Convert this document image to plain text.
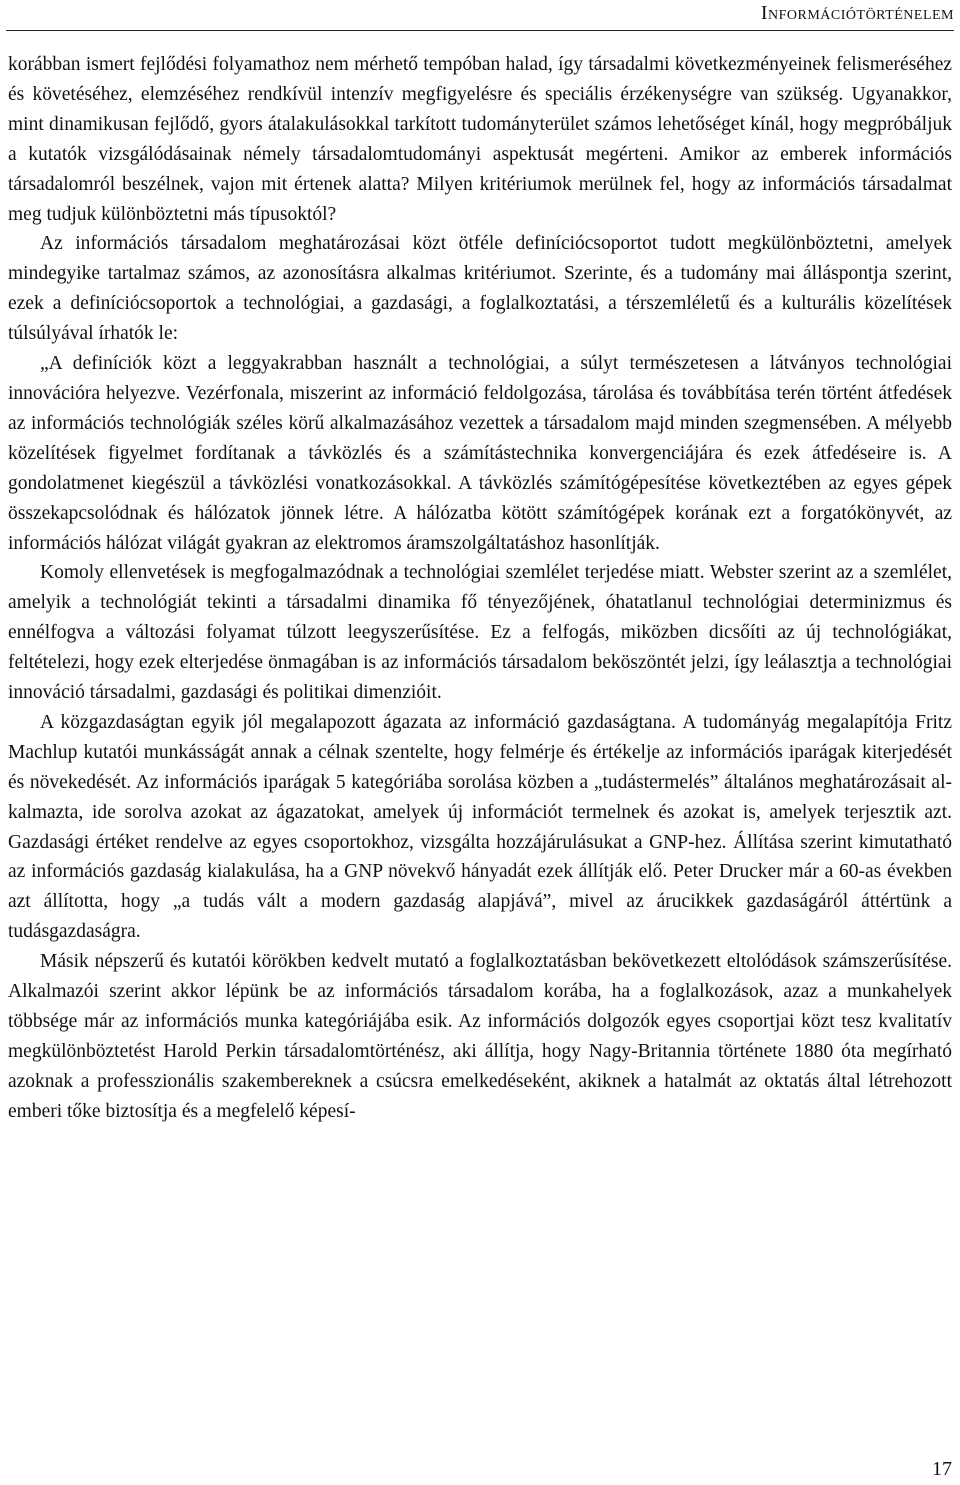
Információtörténelem

korábban ismert fejlődési folyamathoz nem mérhető tempóban halad, így társadalmi következményeinek felismeréséhez és követéséhez, elemzéséhez rendkívül intenzív megfigyelésre és speciális érzékenységre van szükség. Ugyanakkor, mint dinamikusan fejlődő, gyors átalakulásokkal tarkított tudományterület számos lehetőséget kínál, hogy megpróbáljuk a kutatók vizsgálódásainak némely társadalomtudományi aspektusát megérteni. Amikor az emberek információs társadalomról beszélnek, vajon mit értenek alatta? Milyen kritériumok merülnek fel, hogy az információs társadalmat meg tudjuk különböztetni más típusoktól?

Az információs társadalom meghatározásai közt ötféle definíciócsoportot tudott megkülönböztetni, amelyek mindegyike tartalmaz számos, az azonosításra alkalmas kritériumot. Szerinte, és a tudomány mai álláspontja szerint, ezek a definíciócsoportok a technológiai, a gazdasági, a foglalkoztatási, a térszemléletű és a kulturális közelítések túlsúlyával írhatók le:

„A definíciók közt a leggyakrabban használt a technológiai, a súlyt természetesen a látványos technológiai innovációra helyezve. Vezérfonala, miszerint az információ feldolgozása, tárolása és továbbítása terén történt átfedések az információs technológiák széles körű alkalmazásához vezettek a társadalom majd minden szegmensében. A mélyebb közelítések figyelmet fordítanak a távközlés és a számítástechnika konvergenciájára és ezek átfedéseire is. A gondolatmenet kiegészül a távközlési vonatkozásokkal. A távközlés számítógépesítése következtében az egyes gépek összekapcsolódnak és hálózatok jönnek létre. A hálózatba kötött számítógépek korának ezt a forgatókönyvét, az információs hálózat világát gyakran az elektromos áramszolgáltatáshoz hasonlítják.

Komoly ellenvetések is megfogalmazódnak a technológiai szemlélet terjedése miatt. Webster szerint az a szemlélet, amelyik a technológiát tekinti a társadalmi dinamika fő tényezőjének, óhatatlanul technológiai determinizmus és ennélfogva a változási folyamat túlzott leegyszerűsítése. Ez a felfogás, miközben dicsőíti az új technológiákat, feltételezi, hogy ezek elterjedése önmagában is az információs társadalom beköszöntét jelzi, így leálasztja a technológiai innováció társadalmi, gazdasági és politikai dimenzióit.

A közgazdaságtan egyik jól megalapozott ágazata az információ gazdaságtana. A tudományág megalapítója Fritz Machlup kutatói munkásságát annak a célnak szentelte, hogy felmérje és értékelje az információs iparágak kiterjedését és növekedését. Az információs iparágak 5 kategóriába sorolása közben a „tudástermelés” általános meghatározásait alkalmazta, ide sorolva azokat az ágazatokat, amelyek új információt termelnek és azokat is, amelyek terjesztik azt. Gazdasági értéket rendelve az egyes csoportokhoz, vizsgálta hozzájárulásukat a GNP-hez. Állítása szerint kimutatható az információs gazdaság kialakulása, ha a GNP növekvő hányadát ezek állítják elő. Peter Drucker már a 60-as években azt állította, hogy „a tudás vált a modern gazdaság alapjává”, mivel az árucikkek gazdaságáról áttértünk a tudásgazdaságra.

Másik népszerű és kutatói körökben kedvelt mutató a foglalkoztatásban bekövetkezett eltolódások számszerűsítése. Alkalmazói szerint akkor lépünk be az információs társadalom korába, ha a foglalkozások, azaz a munkahelyek többsége már az információs munka kategóriájába esik. Az információs dolgozók egyes csoportjai közt tesz kvalitatív megkülönböztetést Harold Perkin társadalomtörténész, aki állítja, hogy Nagy-Britannia története 1880 óta megírható azoknak a professzionális szakembereknek a csúcsra emelkedéseként, akiknek a hatalmát az oktatás által létrehozott emberi tőke biztosítja és a megfelelő képesí-

17
